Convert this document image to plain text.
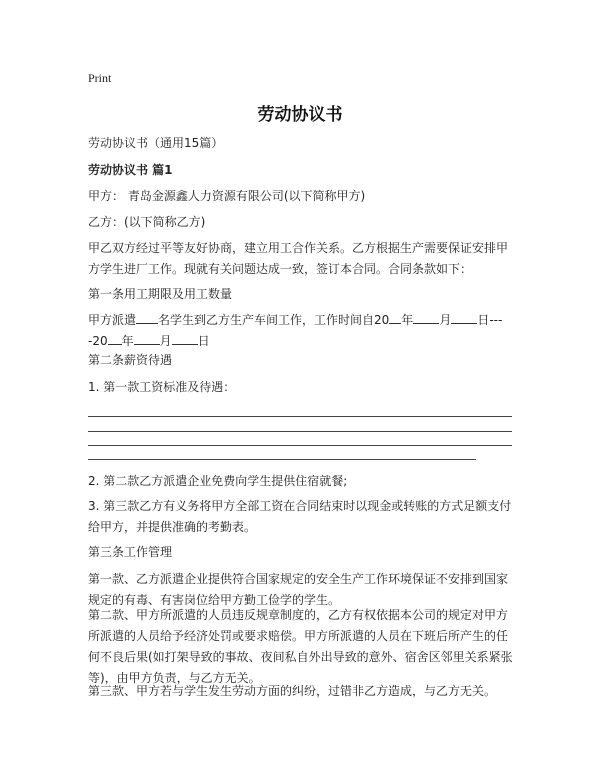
Print
劳动协议书

劳动协议书（通用15篇）

劳动协议书 篇1

甲方： 青岛金源鑫人力资源有限公司(以下简称甲方)

乙方：(以下简称乙方)

甲乙双方经过平等友好协商，建立用工合作关系。乙方根据生产需要保证安排甲方学生进厂工作。现就有关问题达成一致，签订本合同。合同条款如下：

第一条用工期限及用工数量

甲方派遣 名学生到乙方生产车间工作，工作时间自20 年 月 日----20 年 月 日

第二条薪资待遇

1. 第一款工资标准及待遇：

2. 第二款乙方派遣企业免费向学生提供住宿就餐;

3. 第三款乙方有义务将甲方全部工资在合同结束时以现金或转账的方式足额支付给甲方，并提供准确的考勤表。

第三条工作管理

第一款、乙方派遣企业提供符合国家规定的安全生产工作环境保证不安排到国家规定的有毒、有害岗位给甲方勤工俭学的学生。

第二款、甲方所派遣的人员违反规章制度的，乙方有权依据本公司的规定对甲方所派遣的人员给予经济处罚或要求赔偿。甲方所派遣的人员在下班后所产生的任何不良后果(如打架导致的事故、夜间私自外出导致的意外、宿舍区邻里关系紧张等)，由甲方负责，与乙方无关。

第三款、甲方若与学生发生劳动方面的纠纷，过错非乙方造成，与乙方无关。
